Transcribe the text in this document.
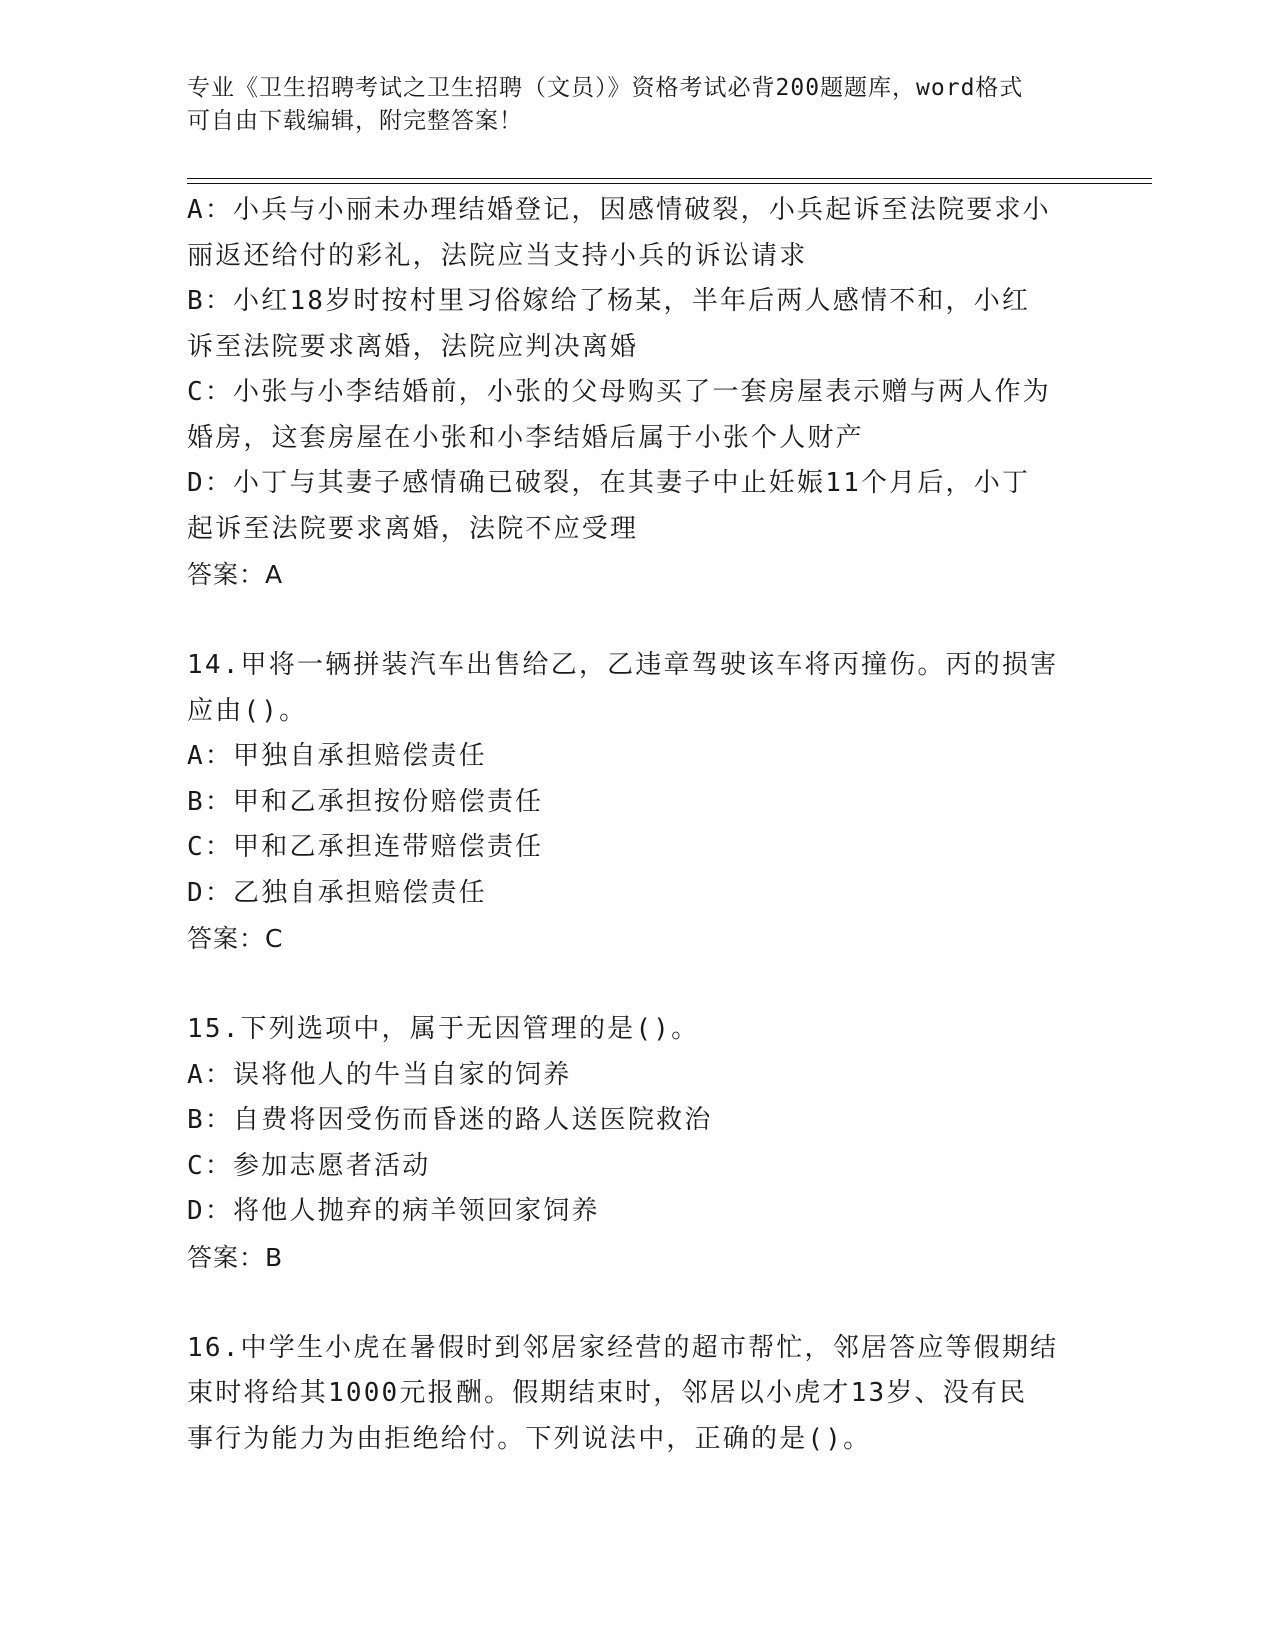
专业《卫生招聘考试之卫生招聘（文员）》资格考试必背200题题库，word格式
可自由下载编辑，附完整答案！
A：小兵与小丽未办理结婚登记，因感情破裂，小兵起诉至法院要求小
丽返还给付的彩礼，法院应当支持小兵的诉讼请求
B：小红18岁时按村里习俗嫁给了杨某，半年后两人感情不和，小红
诉至法院要求离婚，法院应判决离婚
C：小张与小李结婚前，小张的父母购买了一套房屋表示赠与两人作为
婚房，这套房屋在小张和小李结婚后属于小张个人财产
D：小丁与其妻子感情确已破裂，在其妻子中止妊娠11个月后，小丁
起诉至法院要求离婚，法院不应受理
答案：A
14.甲将一辆拼装汽车出售给乙，乙违章驾驶该车将丙撞伤。丙的损害
应由()。
A：甲独自承担赔偿责任
B：甲和乙承担按份赔偿责任
C：甲和乙承担连带赔偿责任
D：乙独自承担赔偿责任
答案：C
15.下列选项中，属于无因管理的是()。
A：误将他人的牛当自家的饲养
B：自费将因受伤而昏迷的路人送医院救治
C：参加志愿者活动
D：将他人抛弃的病羊领回家饲养
答案：B
16.中学生小虎在暑假时到邻居家经营的超市帮忙，邻居答应等假期结
束时将给其1000元报酬。假期结束时，邻居以小虎才13岁、没有民
事行为能力为由拒绝给付。下列说法中，正确的是()。
